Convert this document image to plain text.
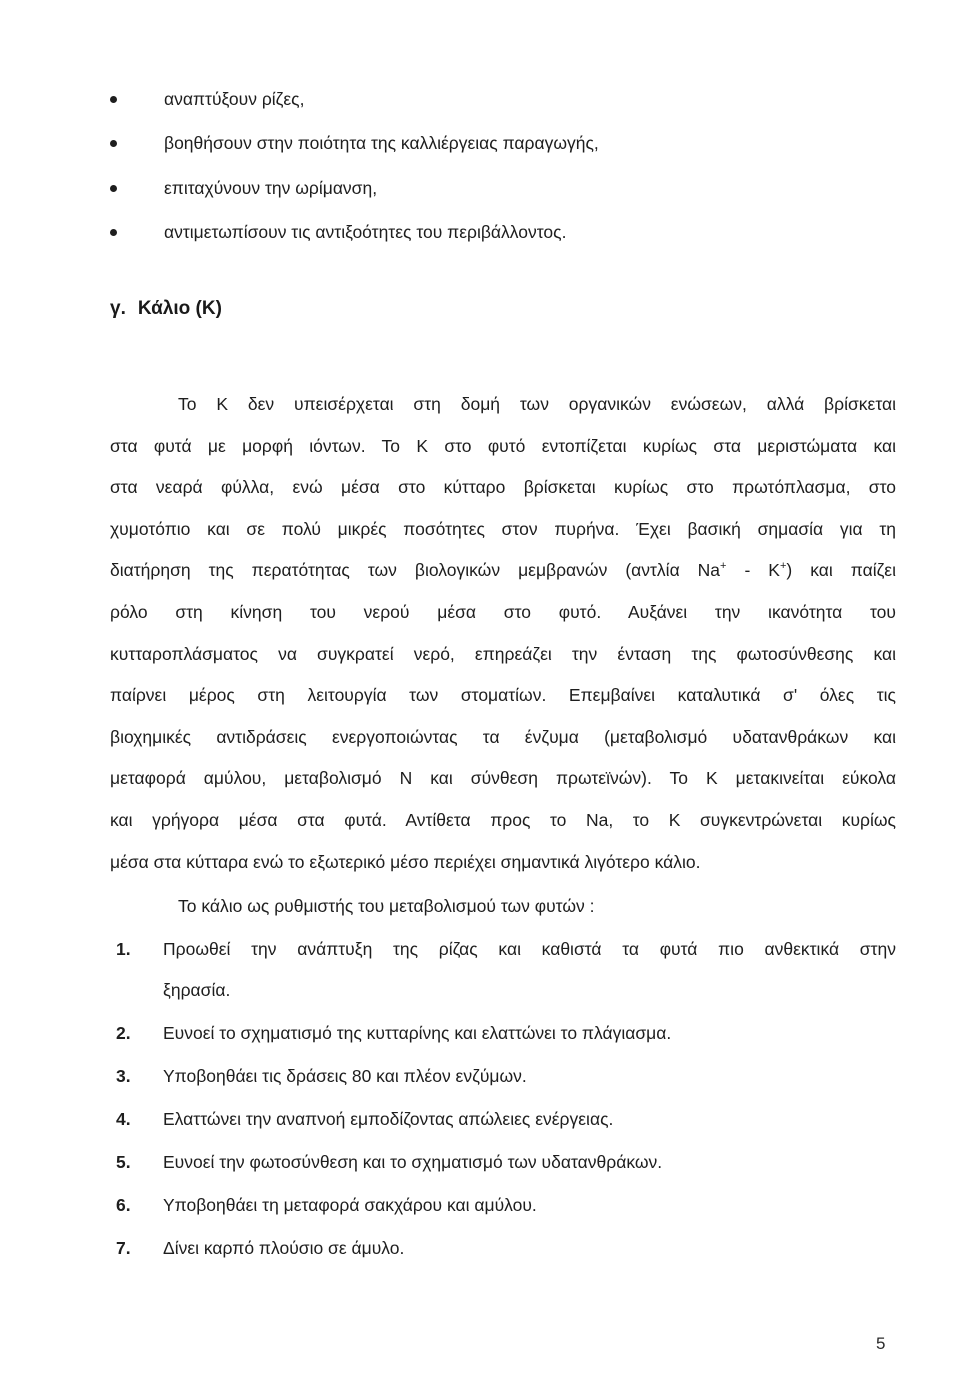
αναπτύξουν ρίζες,
βοηθήσουν στην ποιότητα της καλλιέργειας παραγωγής,
επιταχύνουν την ωρίμανση,
αντιμετωπίσουν τις αντιξοότητες του περιβάλλοντος.
γ. Κάλιο (Κ)
Το Κ δεν υπεισέρχεται στη δομή των οργανικών ενώσεων, αλλά βρίσκεται
στα φυτά με μορφή ιόντων. Το Κ στο φυτό εντοπίζεται κυρίως στα μεριστώματα και
στα νεαρά φύλλα, ενώ μέσα στο κύτταρο βρίσκεται κυρίως στο πρωτόπλασμα, στο
χυμοτόπιο και σε πολύ μικρές ποσότητες στον πυρήνα. Έχει βασική σημασία για τη
διατήρηση της περατότητας των βιολογικών μεμβρανών (αντλία Na+ - K+) και παίζει
ρόλο στη κίνηση του νερού μέσα στο φυτό. Αυξάνει την ικανότητα του
κυτταροπλάσματος να συγκρατεί νερό, επηρεάζει την ένταση της φωτοσύνθεσης και
παίρνει μέρος στη λειτουργία των στοματίων. Επεμβαίνει καταλυτικά σ' όλες τις
βιοχημικές αντιδράσεις ενεργοποιώντας τα ένζυμα (μεταβολισμό υδατανθράκων και
μεταφορά αμύλου, μεταβολισμό Ν και σύνθεση πρωτεϊνών). Το Κ μετακινείται εύκολα
και γρήγορα μέσα στα φυτά. Αντίθετα προς το Na, το Κ συγκεντρώνεται κυρίως
μέσα στα κύτταρα ενώ το εξωτερικό μέσο περιέχει σημαντικά λιγότερο κάλιο.
Το κάλιο ως ρυθμιστής του μεταβολισμού των φυτών :
1. Προωθεί την ανάπτυξη της ρίζας και καθιστά τα φυτά πιο ανθεκτικά στην
ξηρασία.
2. Ευνοεί το σχηματισμό της κυτταρίνης και ελαττώνει το πλάγιασμα.
3. Υποβοηθάει τις δράσεις 80 και πλέον ενζύμων.
4. Ελαττώνει την αναπνοή εμποδίζοντας απώλειες ενέργειας.
5. Ευνοεί την φωτοσύνθεση και το σχηματισμό των υδατανθράκων.
6. Υποβοηθάει τη μεταφορά σακχάρου και αμύλου.
7. Δίνει καρπό πλούσιο σε άμυλο.
5
